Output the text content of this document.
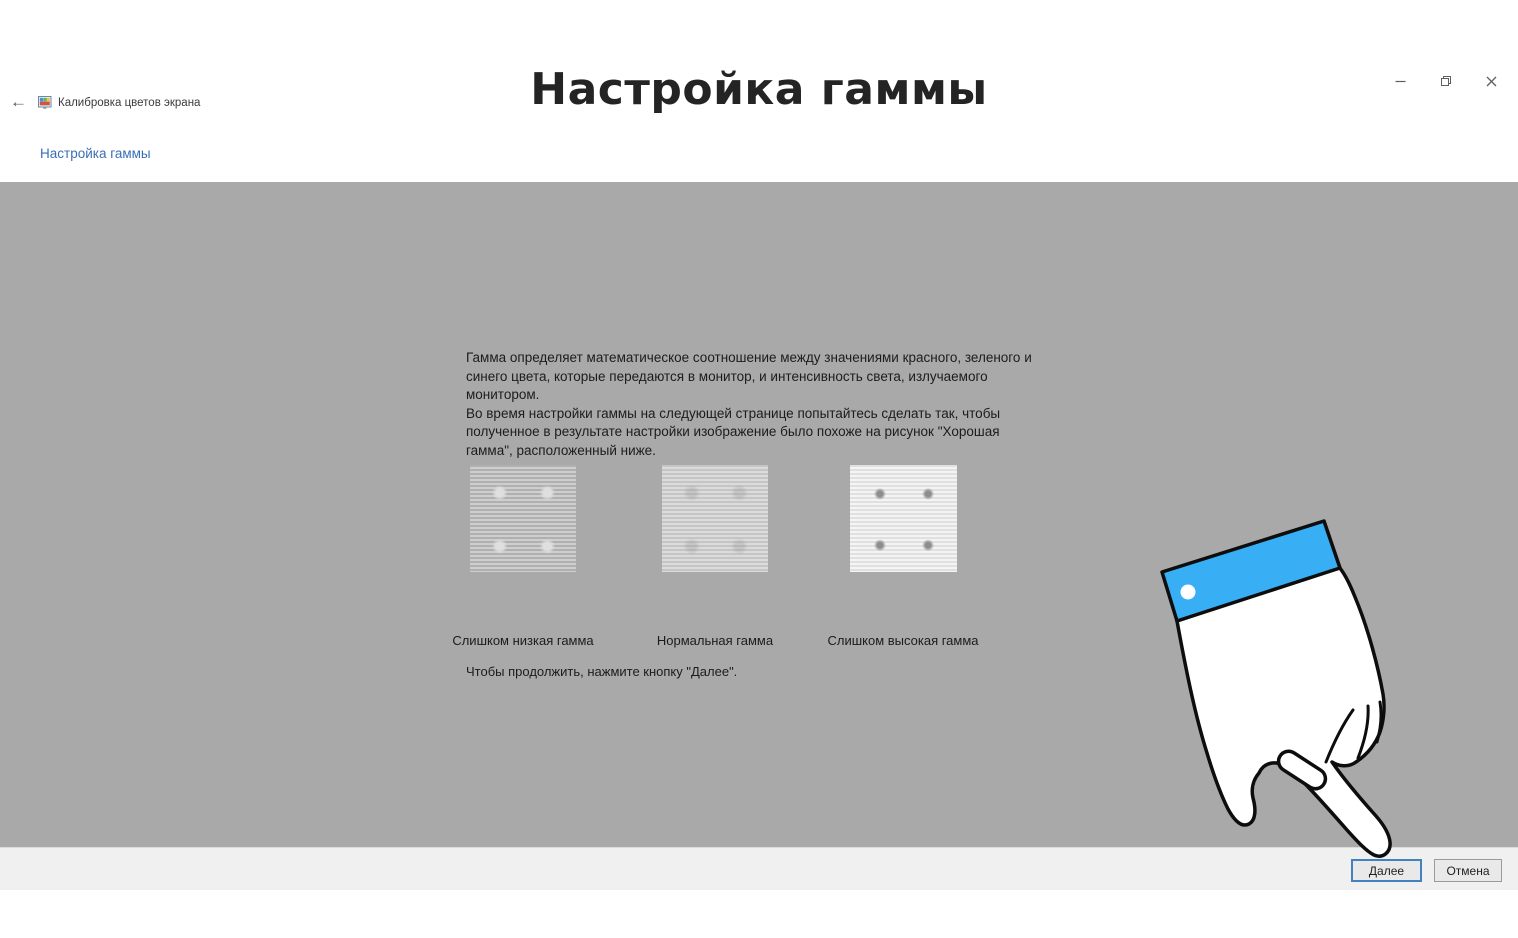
Настройка гаммы
←	Калибровка цветов экрана
Настройка гаммы

Гамма определяет математическое соотношение между значениями красного, зеленого и синего цвета, которые передаются в монитор, и интенсивность света, излучаемого монитором.

Во время настройки гаммы на следующей странице попытайтесь сделать так, чтобы полученное в результате настройки изображение было похоже на рисунок "Хорошая гамма", расположенный ниже.

Слишком низкая гамма	Нормальная гамма	Слишком высокая гамма
Чтобы продолжить, нажмите кнопку "Далее".
Далее	Отмена
